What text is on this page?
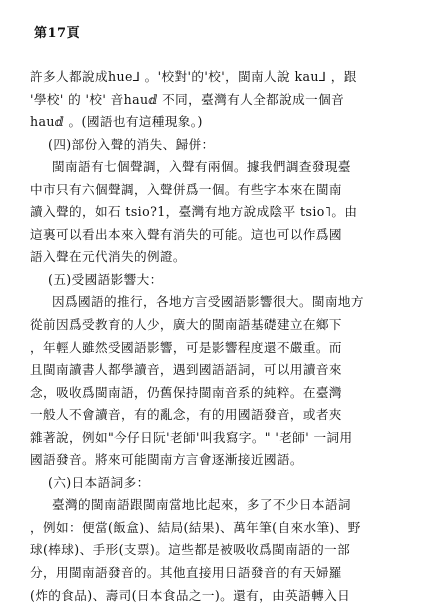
第17頁
許多人都說成hue⅃ 。'校對'的'校'，閩南人說 kau⅃ ，跟
'學校' 的 '校' 音hauⅆ 不同，臺灣有人全都說成一個音
hauⅆ 。(國語也有這種現象。)
(四)部份入聲的消失、歸併：
閩南語有七個聲調，入聲有兩個。據我們調查發現臺
中市只有六個聲調，入聲併爲一個。有些字本來在閩南
讀入聲的，如石 tsio?1，臺灣有地方說成陰平 tsio˥。由
這裏可以看出本來入聲有消失的可能。這也可以作爲國
語入聲在元代消失的例證。
(五)受國語影響大：
因爲國語的推行，各地方言受國語影響很大。閩南地方
從前因爲受教育的人少，廣大的閩南語基礎建立在鄉下
，年輕人雖然受國語影響，可是影響程度還不嚴重。而
且閩南讀書人都學讀音，遇到國語語詞，可以用讀音來
念，吸收爲閩南語，仍舊保持閩南音系的純粹。在臺灣
一般人不會讀音，有的亂念，有的用國語發音，或者夾
雜著說，例如"今仔日阮'老師'叫我寫字。" '老師' 一詞用
國語發音。將來可能閩南方言會逐漸接近國語。
(六)日本語詞多：
臺灣的閩南語跟閩南當地比起來，多了不少日本語詞
，例如：便當(飯盒)、結局(結果)、萬年筆(自來水筆)、野
球(棒球)、手形(支票)。這些都是被吸收爲閩南語的一部
分，用閩南語發音的。其他直接用日語發音的有天婦羅
(炸的食品)、壽司(日本食品之一)。還有，由英語轉入日
